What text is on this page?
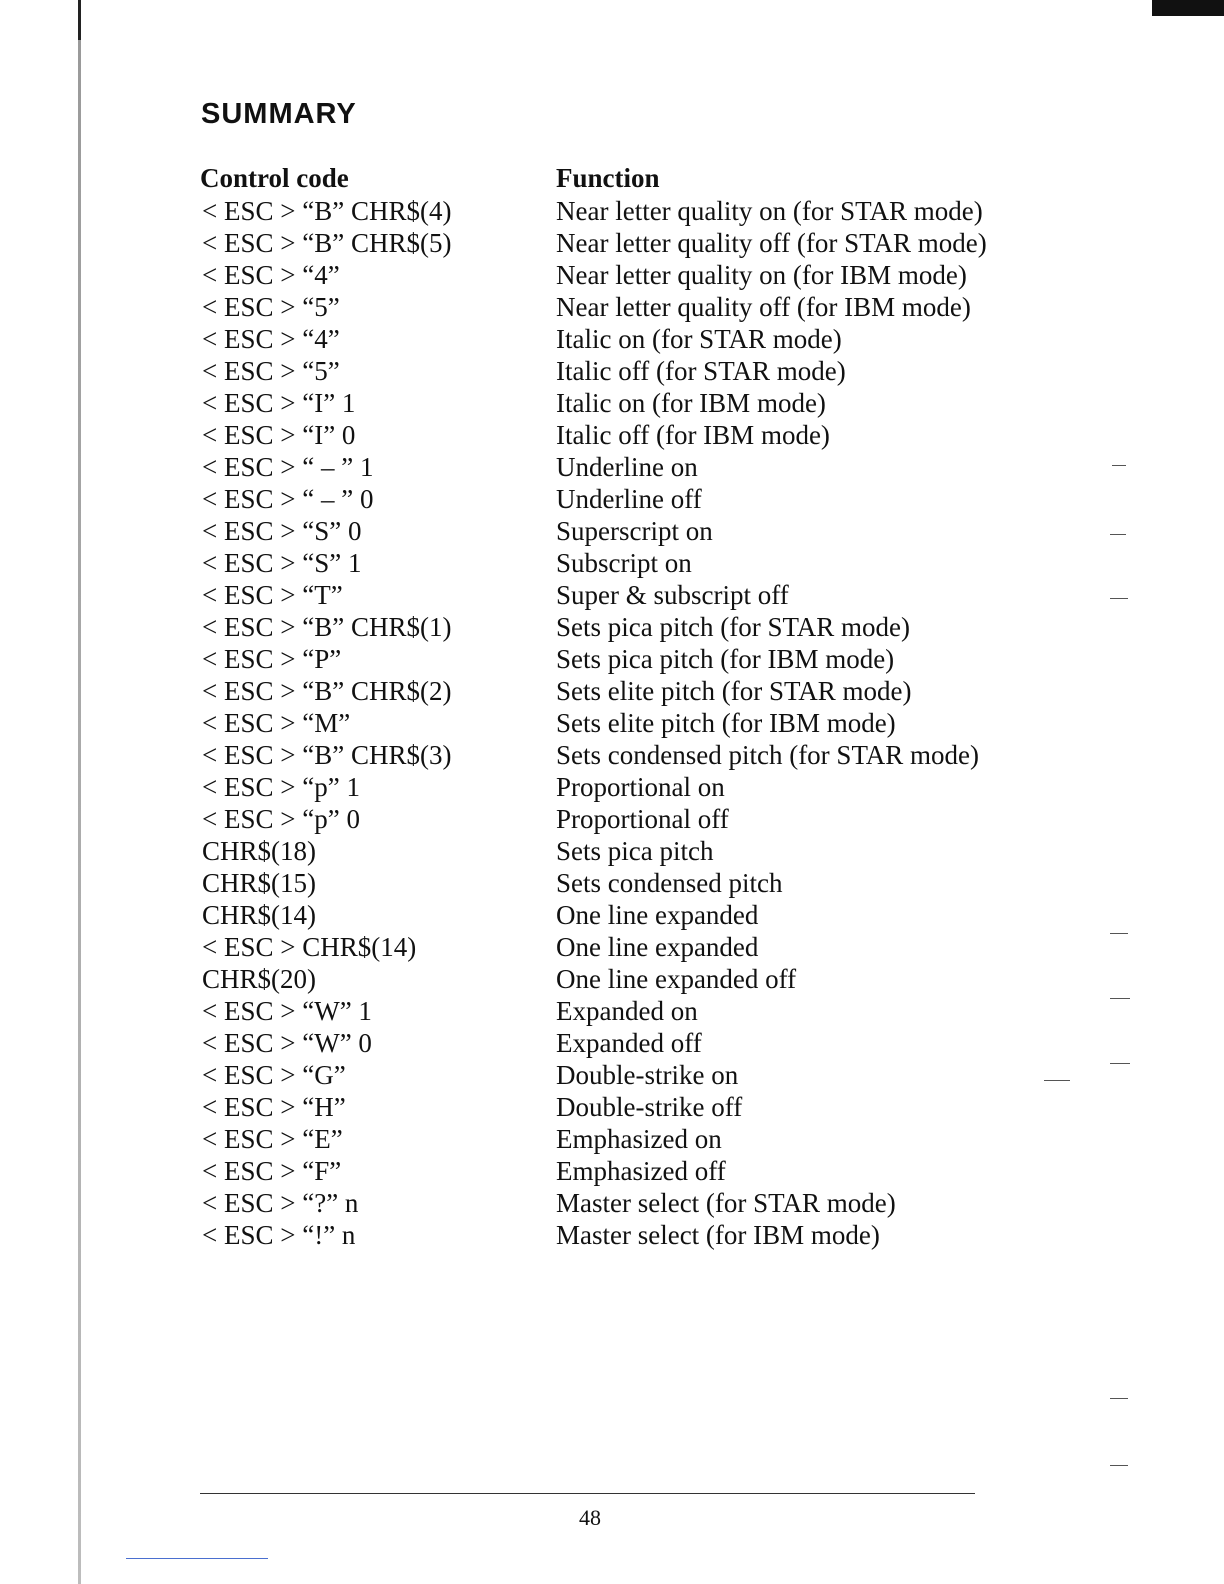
SUMMARY
Control code	Function
< ESC > “B” CHR$(4)	Near letter quality on (for STAR mode)
< ESC > “B” CHR$(5)	Near letter quality off (for STAR mode)
< ESC > “4”	Near letter quality on (for IBM mode)
< ESC > “5”	Near letter quality off (for IBM mode)
< ESC > “4”	Italic on (for STAR mode)
< ESC > “5”	Italic off (for STAR mode)
< ESC > “I” 1	Italic on (for IBM mode)
< ESC > “I” 0	Italic off (for IBM mode)
< ESC > “ – ” 1	Underline on
< ESC > “ – ” 0	Underline off
< ESC > “S” 0	Superscript on
< ESC > “S” 1	Subscript on
< ESC > “T”	Super & subscript off
< ESC > “B” CHR$(1)	Sets pica pitch (for STAR mode)
< ESC > “P”	Sets pica pitch (for IBM mode)
< ESC > “B” CHR$(2)	Sets elite pitch (for STAR mode)
< ESC > “M”	Sets elite pitch (for IBM mode)
< ESC > “B” CHR$(3)	Sets condensed pitch (for STAR mode)
< ESC > “p” 1	Proportional on
< ESC > “p” 0	Proportional off
CHR$(18)	Sets pica pitch
CHR$(15)	Sets condensed pitch
CHR$(14)	One line expanded
< ESC > CHR$(14)	One line expanded
CHR$(20)	One line expanded off
< ESC > “W” 1	Expanded on
< ESC > “W” 0	Expanded off
< ESC > “G”	Double-strike on
< ESC > “H”	Double-strike off
< ESC > “E”	Emphasized on
< ESC > “F”	Emphasized off
< ESC > “?” n	Master select (for STAR mode)
< ESC > “!” n	Master select (for IBM mode)
48
